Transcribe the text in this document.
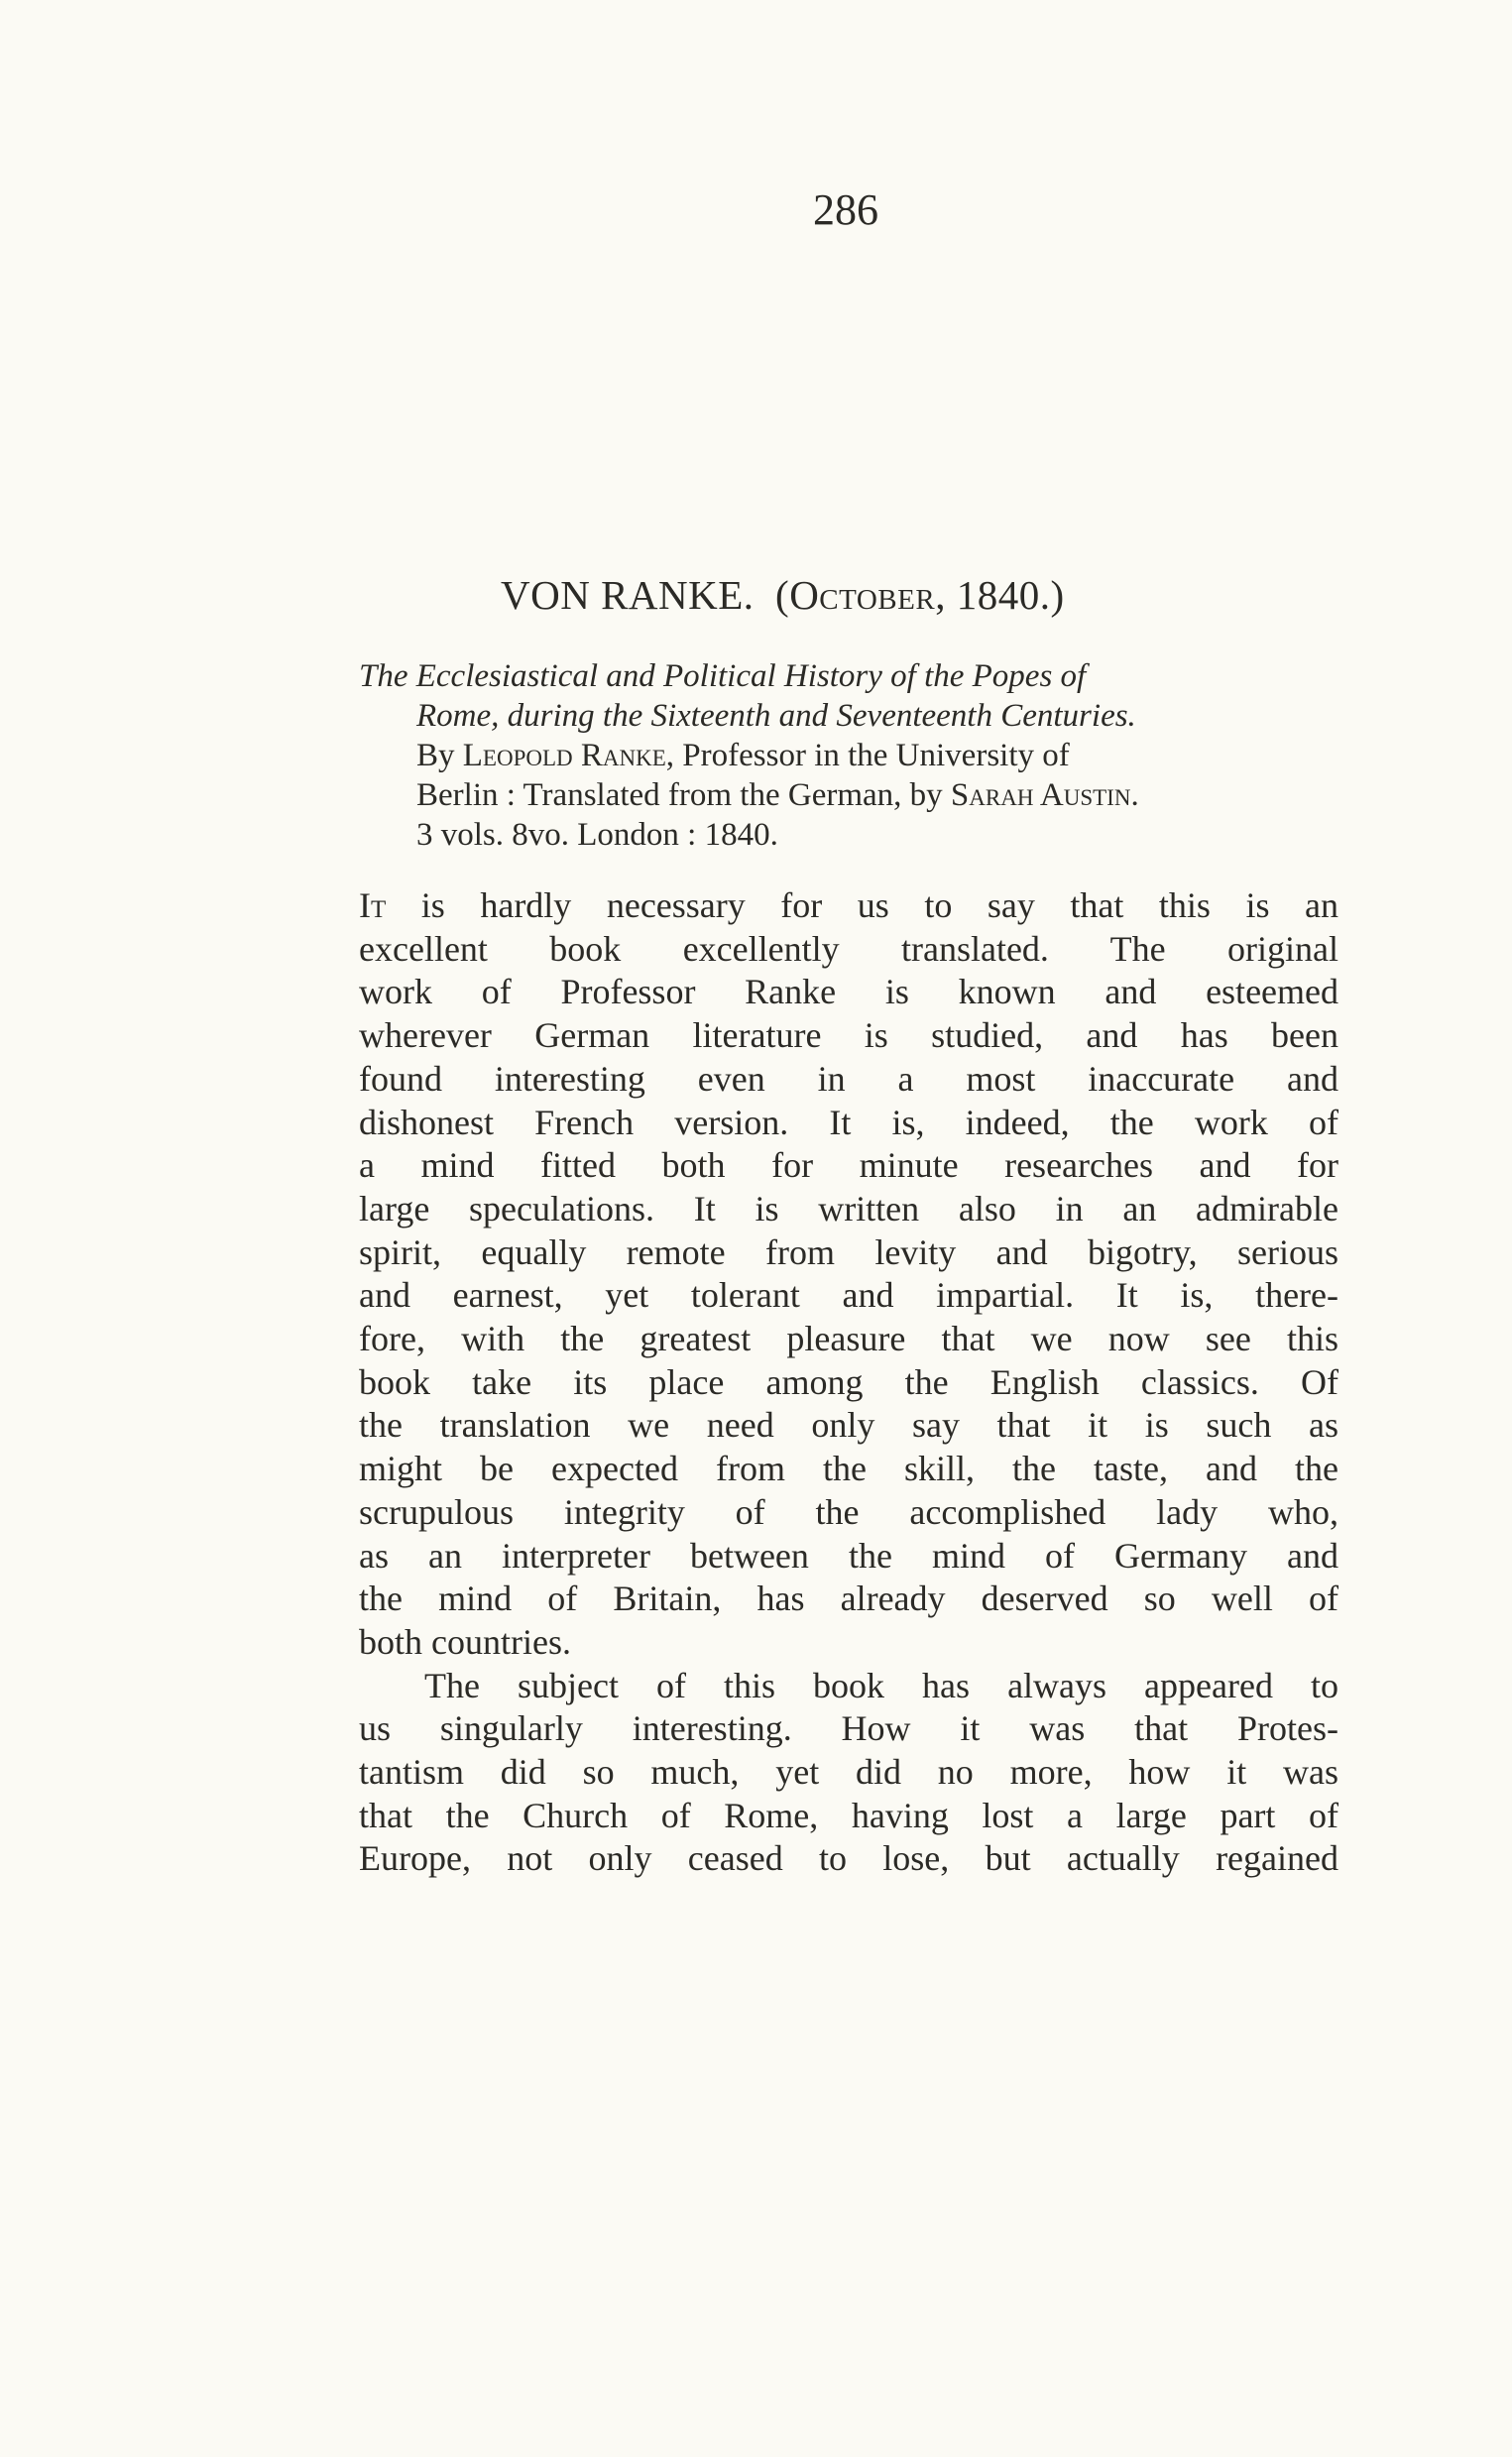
286
VON RANKE. (October, 1840.)
The Ecclesiastical and Political History of the Popes of
Rome, during the Sixteenth and Seventeenth Centuries.
By Leopold Ranke, Professor in the University of
Berlin : Translated from the German, by Sarah Austin.
3 vols. 8vo. London : 1840.
It is hardly necessary for us to say that this is an
excellent book excellently translated. The original
work of Professor Ranke is known and esteemed
wherever German literature is studied, and has been
found interesting even in a most inaccurate and
dishonest French version. It is, indeed, the work of
a mind fitted both for minute researches and for
large speculations. It is written also in an admirable
spirit, equally remote from levity and bigotry, serious
and earnest, yet tolerant and impartial. It is, there-
fore, with the greatest pleasure that we now see this
book take its place among the English classics. Of
the translation we need only say that it is such as
might be expected from the skill, the taste, and the
scrupulous integrity of the accomplished lady who,
as an interpreter between the mind of Germany and
the mind of Britain, has already deserved so well of
both countries.
The subject of this book has always appeared to
us singularly interesting. How it was that Protes-
tantism did so much, yet did no more, how it was
that the Church of Rome, having lost a large part of
Europe, not only ceased to lose, but actually regained
